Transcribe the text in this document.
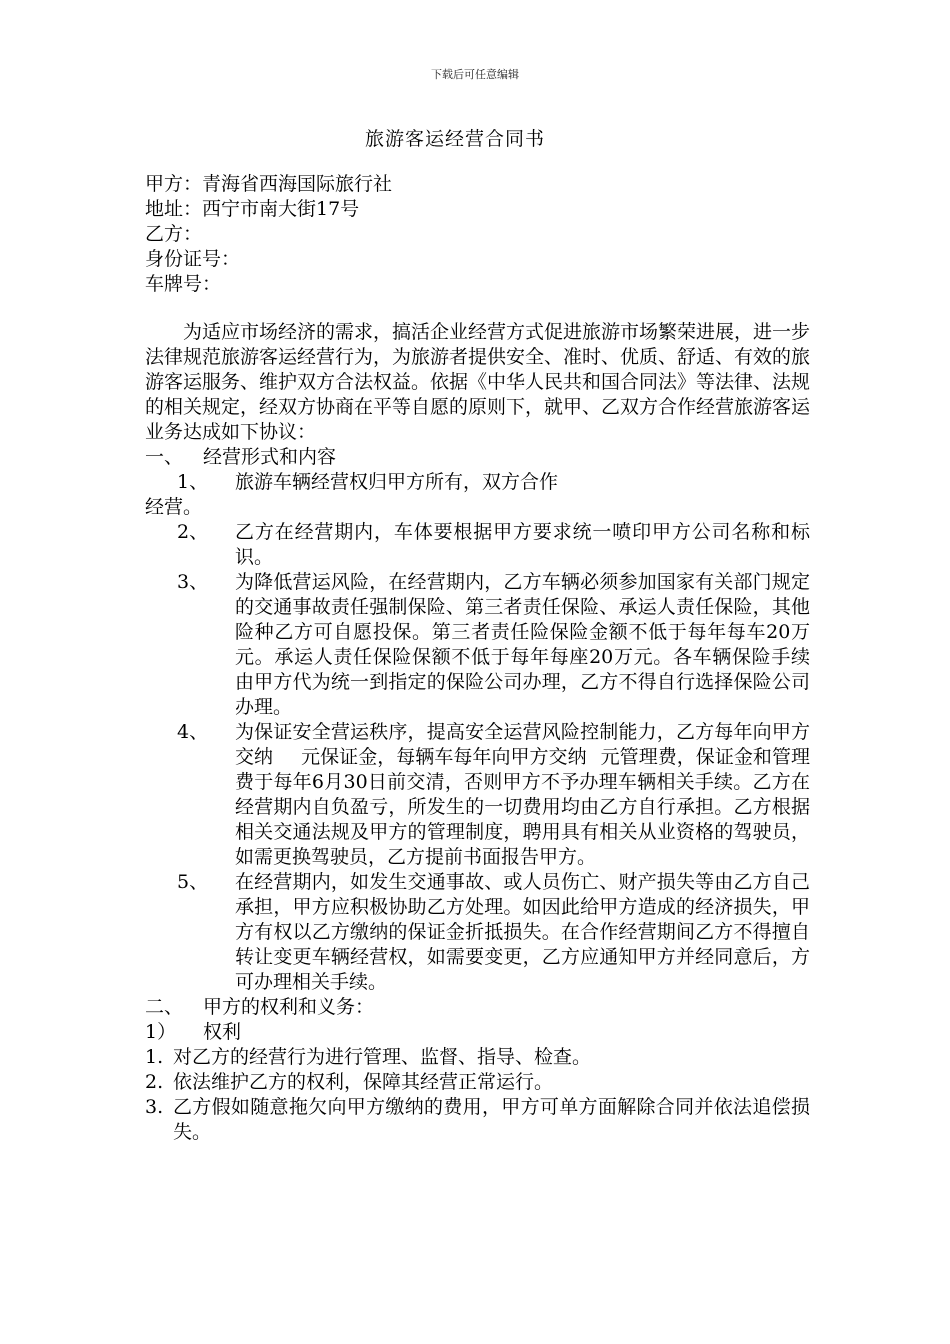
下载后可任意编辑
旅游客运经营合同书
甲方：青海省西海国际旅行社
地址：西宁市南大街17号
乙方：
身份证号：
车牌号：
为适应市场经济的需求，搞活企业经营方式促进旅游市场繁荣进展，进一步法律规范旅游客运经营行为，为旅游者提供安全、准时、优质、舒适、有效的旅游客运服务、维护双方合法权益。依据《中华人民共和国合同法》等法律、法规的相关规定，经双方协商在平等自愿的原则下，就甲、乙双方合作经营旅游客运业务达成如下协议：
一、	经营形式和内容
1、	旅游车辆经营权归甲方所有，双方合作
经营。
2、	乙方在经营期内，车体要根据甲方要求统一喷印甲方公司名称和标识。
3、	为降低营运风险，在经营期内，乙方车辆必须参加国家有关部门规定的交通事故责任强制保险、第三者责任保险、承运人责任保险，其他险种乙方可自愿投保。第三者责任险保险金额不低于每年每车20万元。承运人责任保险保额不低于每年每座20万元。各车辆保险手续由甲方代为统一到指定的保险公司办理，乙方不得自行选择保险公司办理。
4、	为保证安全营运秩序，提高安全运营风险控制能力，乙方每年向甲方交纳 元保证金，每辆车每年向甲方交纳 元管理费，保证金和管理费于每年6月30日前交清，否则甲方不予办理车辆相关手续。乙方在经营期内自负盈亏，所发生的一切费用均由乙方自行承担。乙方根据相关交通法规及甲方的管理制度，聘用具有相关从业资格的驾驶员，如需更换驾驶员，乙方提前书面报告甲方。
5、	在经营期内，如发生交通事故、或人员伤亡、财产损失等由乙方自己承担，甲方应积极协助乙方处理。如因此给甲方造成的经济损失，甲方有权以乙方缴纳的保证金折抵损失。在合作经营期间乙方不得擅自转让变更车辆经营权，如需要变更，乙方应通知甲方并经同意后，方可办理相关手续。
二、	甲方的权利和义务：
1）	权利
1. 对乙方的经营行为进行管理、监督、指导、检查。
2. 依法维护乙方的权利，保障其经营正常运行。
3. 乙方假如随意拖欠向甲方缴纳的费用，甲方可单方面解除合同并依法追偿损失。
